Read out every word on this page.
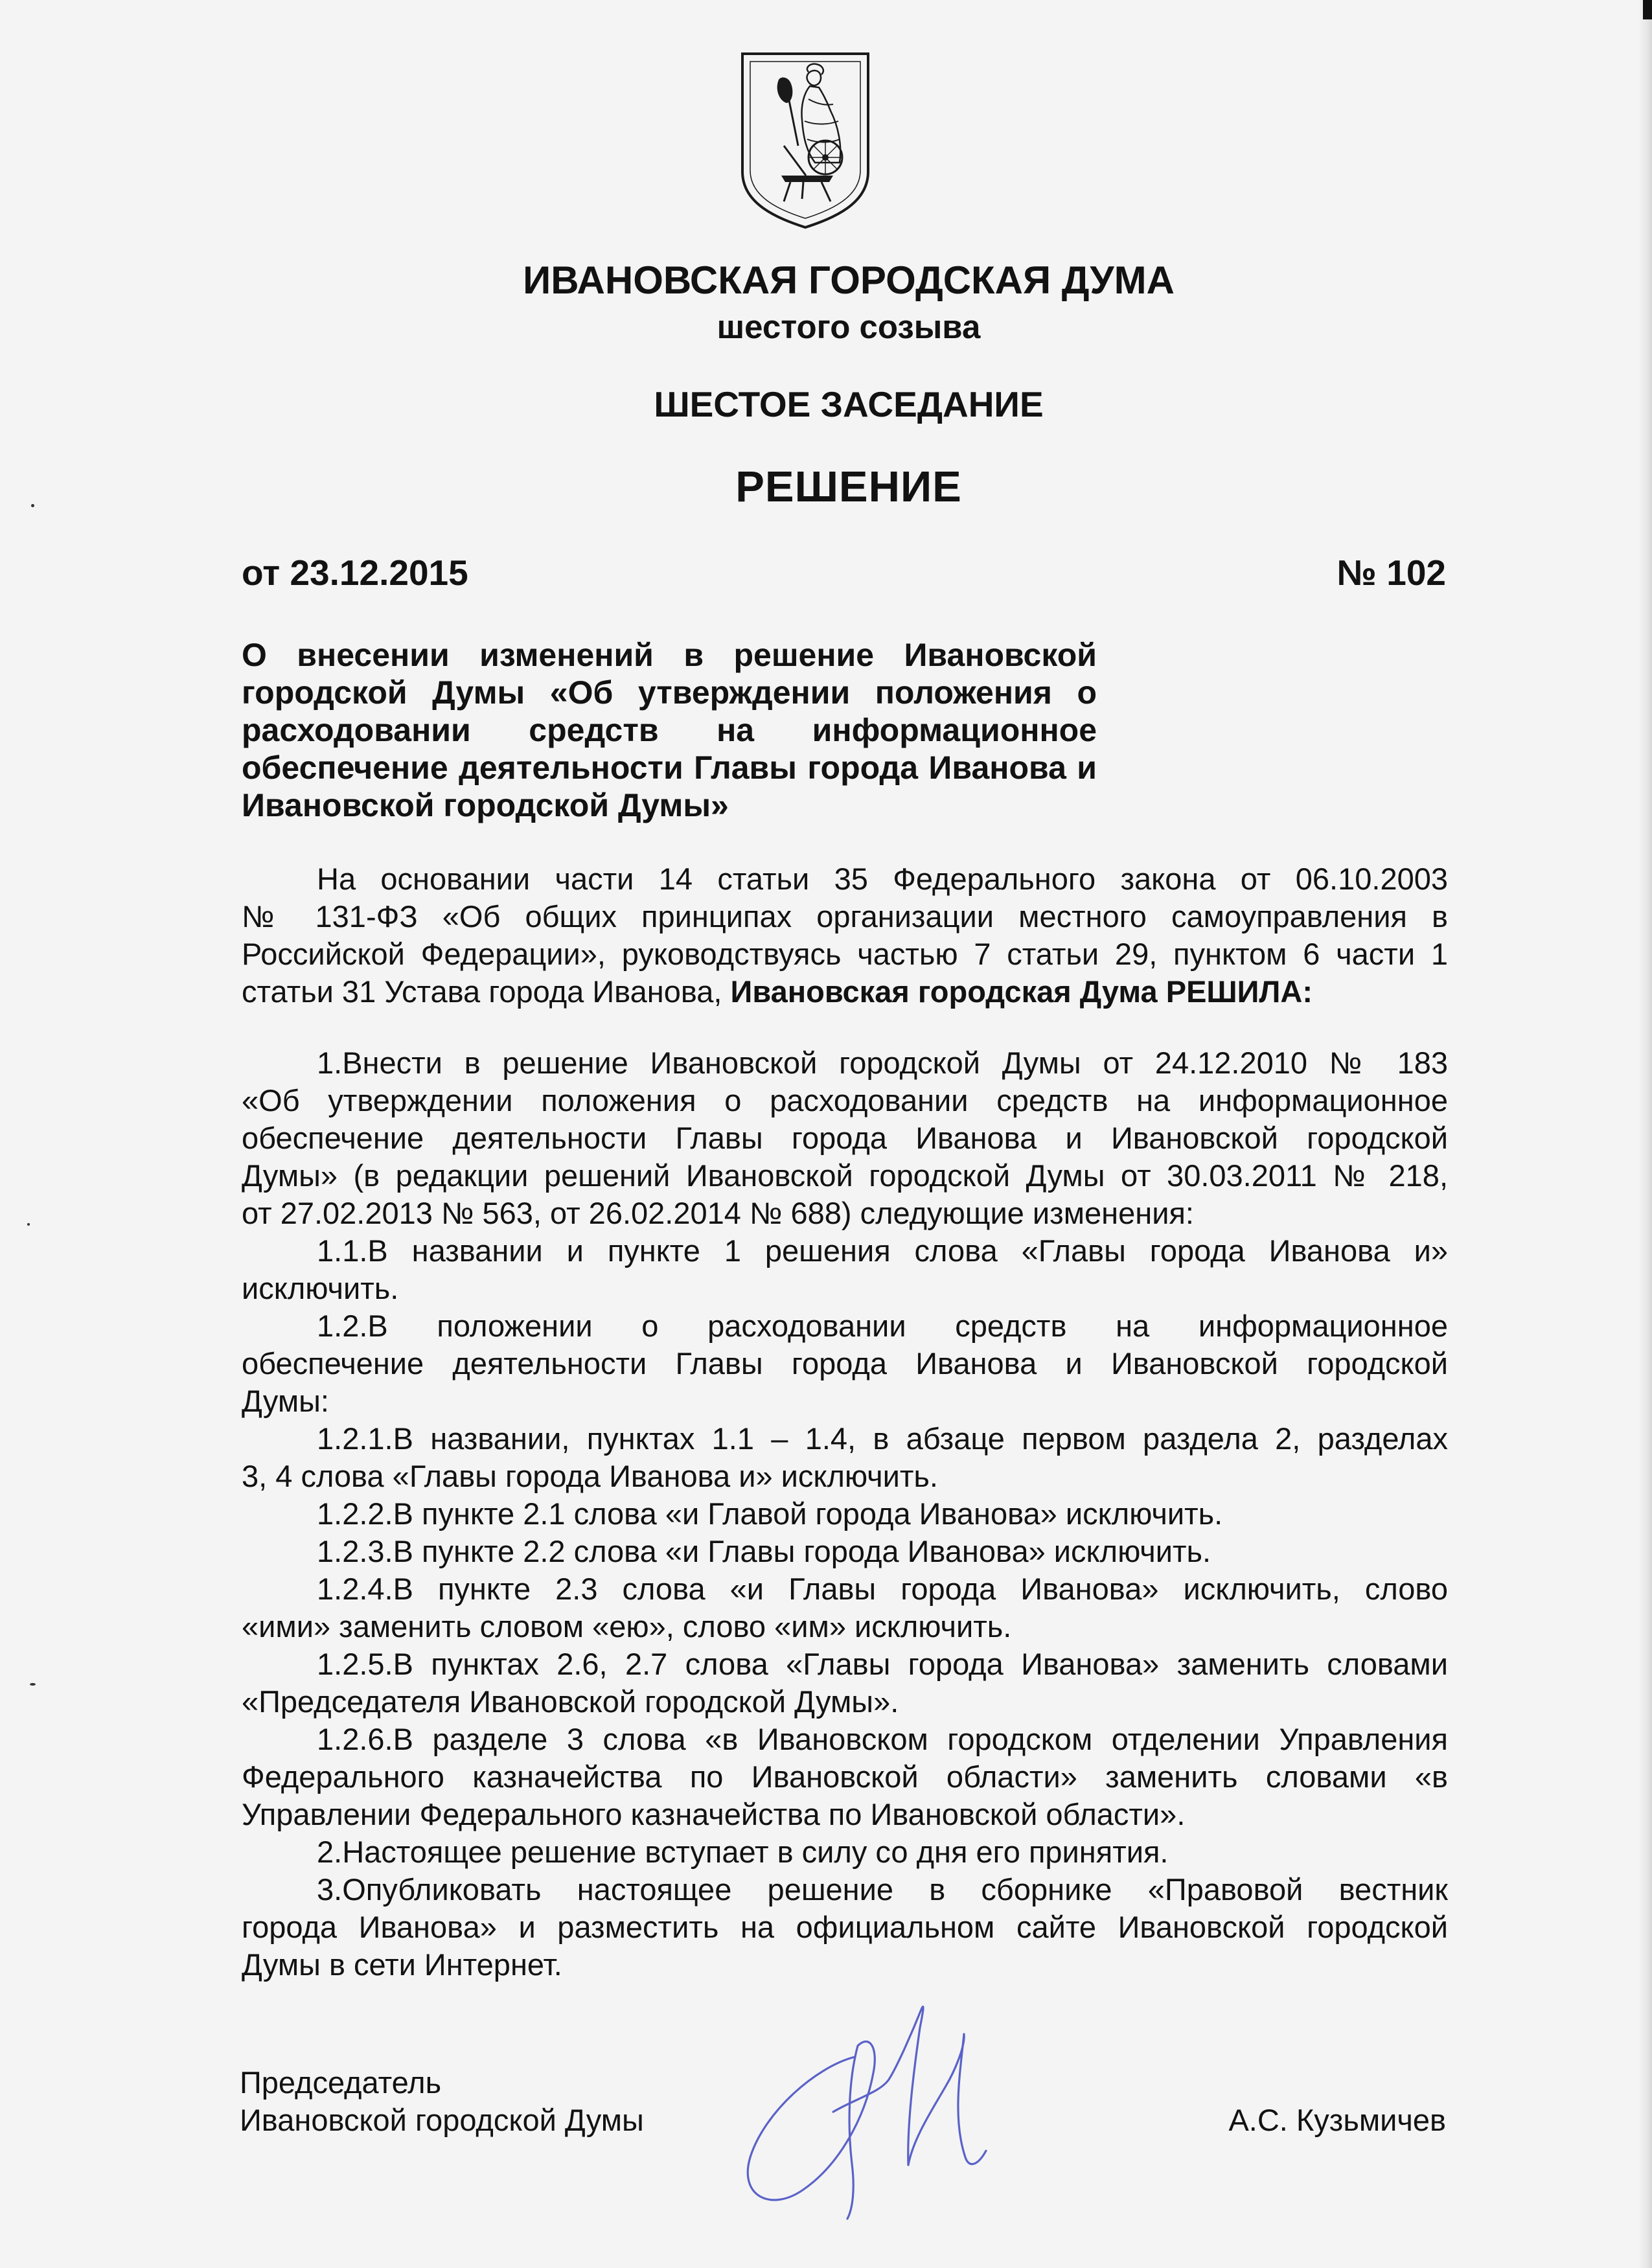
ИВАНОВСКАЯ ГОРОДСКАЯ ДУМА
шестого созыва
ШЕСТОЕ ЗАСЕДАНИЕ
РЕШЕНИЕ
от 23.12.2015	№ 102
О внесении изменений в решение Ивановской
городской Думы «Об утверждении положения о
расходовании средств на информационное
обеспечение деятельности Главы города Иванова и
Ивановской городской Думы»
На основании части 14 статьи 35 Федерального закона от 06.10.2003
№ 131-ФЗ «Об общих принципах организации местного самоуправления в
Российской Федерации», руководствуясь частью 7 статьи 29, пунктом 6 части 1
статьи 31 Устава города Иванова, Ивановская городская Дума РЕШИЛА:
1.Внести в решение Ивановской городской Думы от 24.12.2010 № 183
«Об утверждении положения о расходовании средств на информационное
обеспечение деятельности Главы города Иванова и Ивановской городской
Думы» (в редакции решений Ивановской городской Думы от 30.03.2011 № 218,
от 27.02.2013 № 563, от 26.02.2014 № 688) следующие изменения:
1.1.В названии и пункте 1 решения слова «Главы города Иванова и»
исключить.
1.2.В положении о расходовании средств на информационное
обеспечение деятельности Главы города Иванова и Ивановской городской
Думы:
1.2.1.В названии, пунктах 1.1 – 1.4, в абзаце первом раздела 2, разделах
3, 4 слова «Главы города Иванова и» исключить.
1.2.2.В пункте 2.1 слова «и Главой города Иванова» исключить.
1.2.3.В пункте 2.2 слова «и Главы города Иванова» исключить.
1.2.4.В пункте 2.3 слова «и Главы города Иванова» исключить, слово
«ими» заменить словом «ею», слово «им» исключить.
1.2.5.В пунктах 2.6, 2.7 слова «Главы города Иванова» заменить словами
«Председателя Ивановской городской Думы».
1.2.6.В разделе 3 слова «в Ивановском городском отделении Управления
Федерального казначейства по Ивановской области» заменить словами «в
Управлении Федерального казначейства по Ивановской области».
2.Настоящее решение вступает в силу со дня его принятия.
3.Опубликовать настоящее решение в сборнике «Правовой вестник
города Иванова» и разместить на официальном сайте Ивановской городской
Думы в сети Интернет.
Председатель
Ивановской городской Думы	А.С. Кузьмичев
